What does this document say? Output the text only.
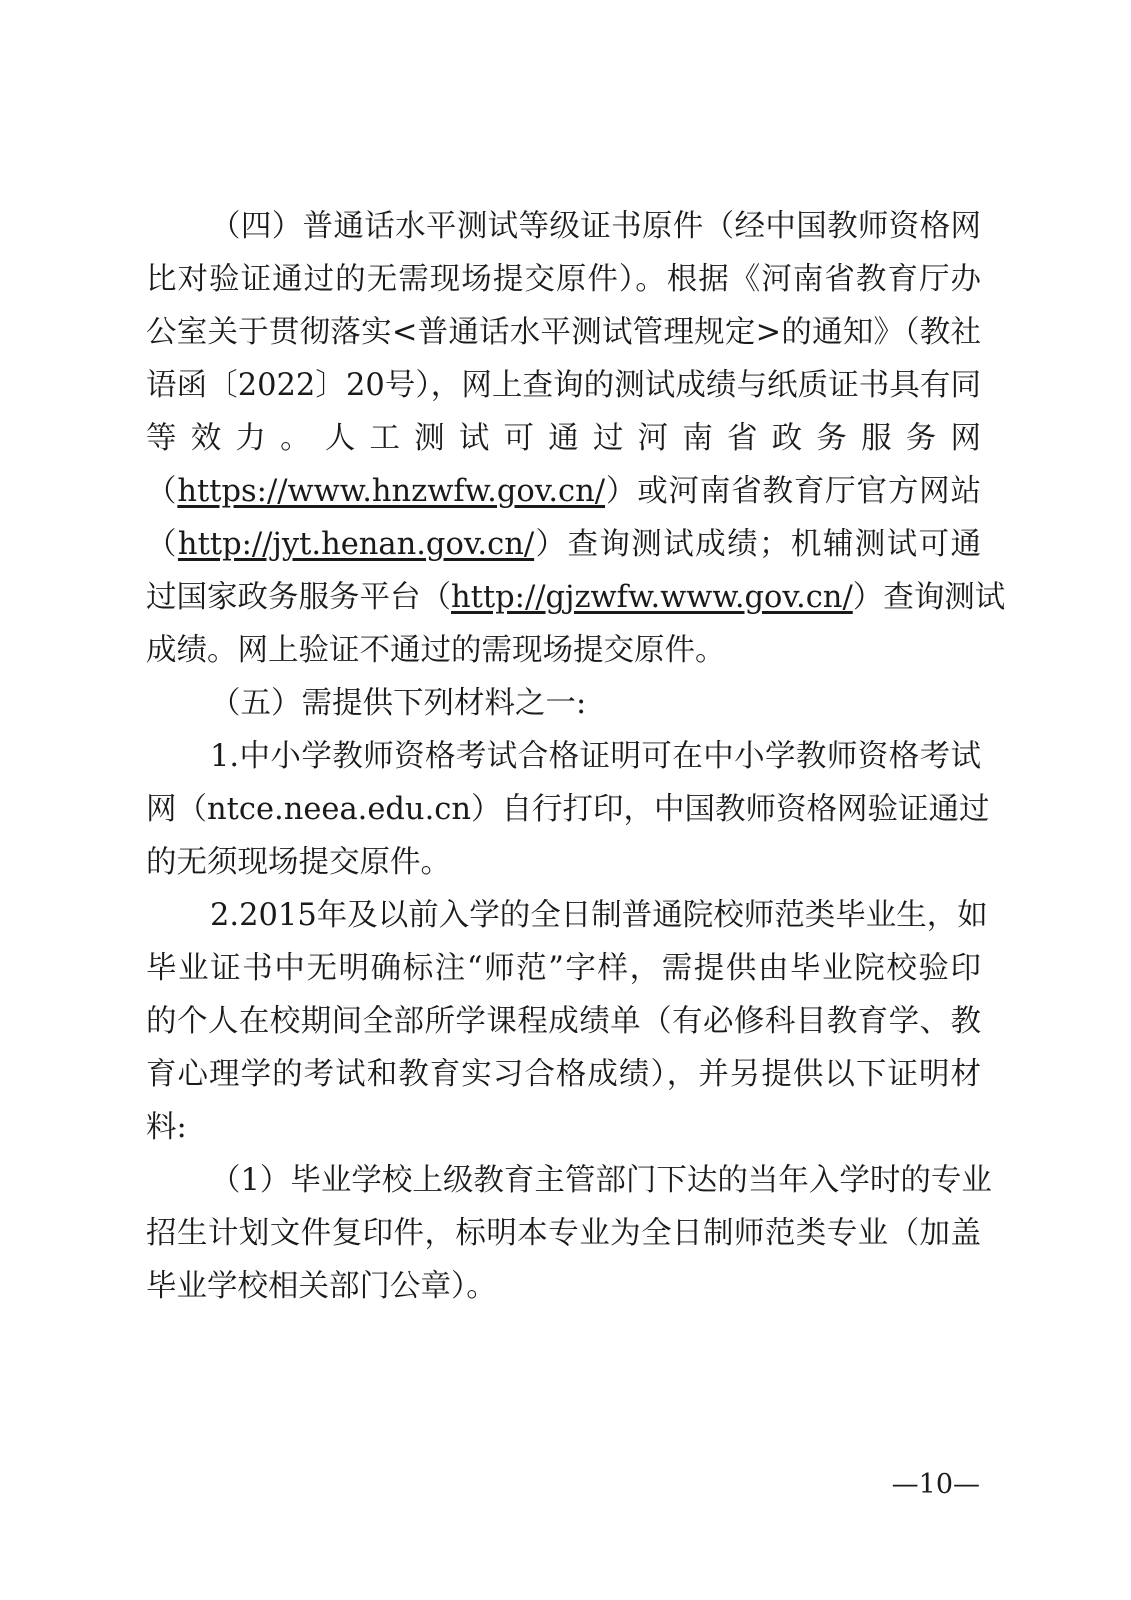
（四）普通话水平测试等级证书原件（经中国教师资格网
比对验证通过的无需现场提交原件）。根据《河南省教育厅办
公室关于贯彻落实<普通话水平测试管理规定>的通知》（教社
语函〔2022〕20号），网上查询的测试成绩与纸质证书具有同
等效力。人工测试可通过河南省政务服务网
（https://www.hnzwfw.gov.cn/）或河南省教育厅官方网站
（http://jyt.henan.gov.cn/）查询测试成绩；机辅测试可通
过国家政务服务平台（http://gjzwfw.www.gov.cn/）查询测试
成绩。网上验证不通过的需现场提交原件。
（五）需提供下列材料之一:
1.中小学教师资格考试合格证明可在中小学教师资格考试
网（ntce.neea.edu.cn）自行打印，中国教师资格网验证通过
的无须现场提交原件。
2.2015年及以前入学的全日制普通院校师范类毕业生，如
毕业证书中无明确标注“师范”字样，需提供由毕业院校验印
的个人在校期间全部所学课程成绩单（有必修科目教育学、教
育心理学的考试和教育实习合格成绩），并另提供以下证明材
料:
（1）毕业学校上级教育主管部门下达的当年入学时的专业
招生计划文件复印件，标明本专业为全日制师范类专业（加盖
毕业学校相关部门公章）。
—10—
